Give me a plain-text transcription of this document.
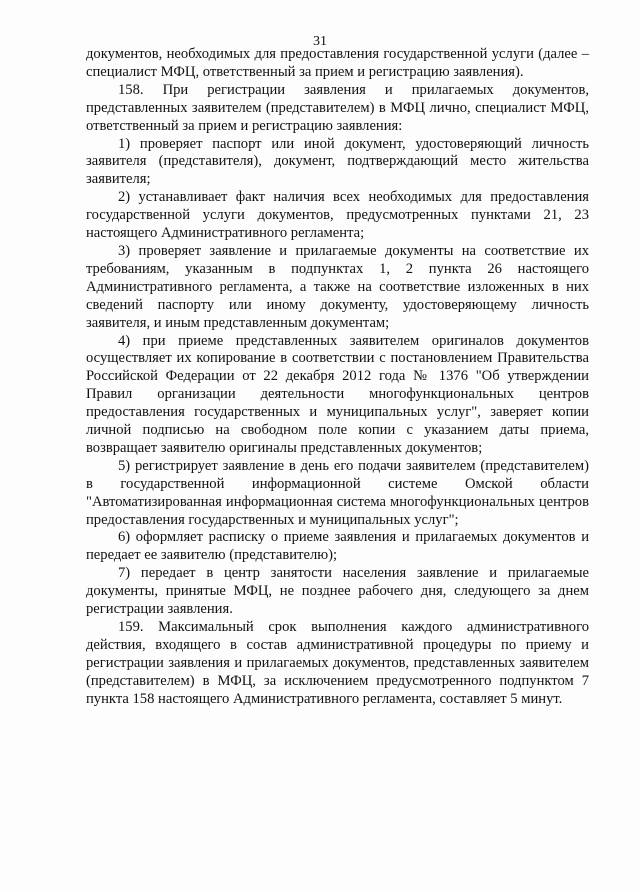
31

документов, необходимых для предоставления государственной услуги (далее – специалист МФЦ, ответственный за прием и регистрацию заявления).

158. При регистрации заявления и прилагаемых документов, представленных заявителем (представителем) в МФЦ лично, специалист МФЦ, ответственный за прием и регистрацию заявления:

1) проверяет паспорт или иной документ, удостоверяющий личность заявителя (представителя), документ, подтверждающий место жительства заявителя;

2) устанавливает факт наличия всех необходимых для предоставления государственной услуги документов, предусмотренных пунктами 21, 23 настоящего Административного регламента;

3) проверяет заявление и прилагаемые документы на соответствие их требованиям, указанным в подпунктах 1, 2 пункта 26 настоящего Административного регламента, а также на соответствие изложенных в них сведений паспорту или иному документу, удостоверяющему личность заявителя, и иным представленным документам;

4) при приеме представленных заявителем оригиналов документов осуществляет их копирование в соответствии с постановлением Правительства Российской Федерации от 22 декабря 2012 года № 1376 "Об утверждении Правил организации деятельности многофункциональных центров предоставления государственных и муниципальных услуг", заверяет копии личной подписью на свободном поле копии с указанием даты приема, возвращает заявителю оригиналы представленных документов;

5) регистрирует заявление в день его подачи заявителем (представителем) в государственной информационной системе Омской области "Автоматизированная информационная система многофункциональных центров предоставления государственных и муниципальных услуг";

6) оформляет расписку о приеме заявления и прилагаемых документов и передает ее заявителю (представителю);

7) передает в центр занятости населения заявление и прилагаемые документы, принятые МФЦ, не позднее рабочего дня, следующего за днем регистрации заявления.

159. Максимальный срок выполнения каждого административного действия, входящего в состав административной процедуры по приему и регистрации заявления и прилагаемых документов, представленных заявителем (представителем) в МФЦ, за исключением предусмотренного подпунктом 7 пункта 158 настоящего Административного регламента, составляет 5 минут.
